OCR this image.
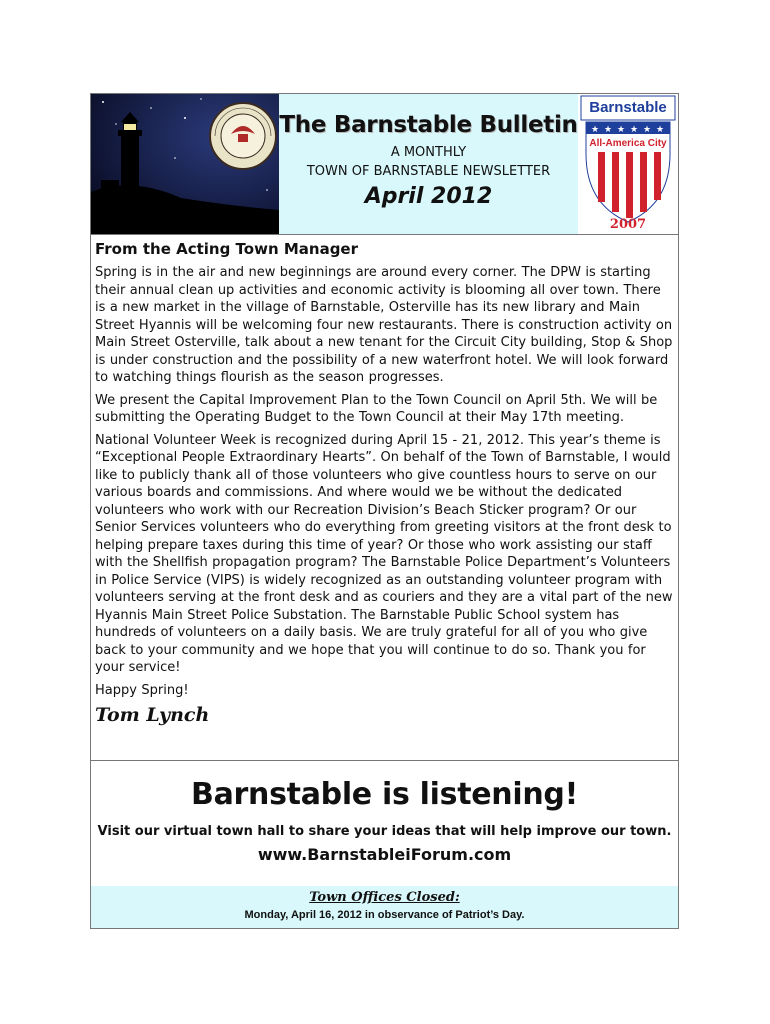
The Barnstable Bulletin
A MONTHLY
TOWN OF BARNSTABLE NEWSLETTER
April 2012
Barnstable
★ ★ ★ ★ ★ ★
All-America City
2007
From the Acting Town Manager

Spring is in the air and new beginnings are around every corner. The DPW is starting their annual clean up activities and economic activity is blooming all over town. There is a new market in the village of Barnstable, Osterville has its new library and Main Street Hyannis will be welcoming four new restaurants. There is construction activity on Main Street Osterville, talk about a new tenant for the Circuit City building, Stop & Shop is under construction and the possibility of a new waterfront hotel. We will look forward to watching things flourish as the season progresses.

We present the Capital Improvement Plan to the Town Council on April 5th. We will be submitting the Operating Budget to the Town Council at their May 17th meeting.

National Volunteer Week is recognized during April 15 - 21, 2012. This year’s theme is “Exceptional People Extraordinary Hearts”. On behalf of the Town of Barnstable, I would like to publicly thank all of those volunteers who give countless hours to serve on our various boards and commissions. And where would we be without the dedicated volunteers who work with our Recreation Division’s Beach Sticker program? Or our Senior Services volunteers who do everything from greeting visitors at the front desk to helping prepare taxes during this time of year? Or those who work assisting our staff with the Shellfish propagation program? The Barnstable Police Department’s Volunteers in Police Service (VIPS) is widely recognized as an outstanding volunteer program with volunteers serving at the front desk and as couriers and they are a vital part of the new Hyannis Main Street Police Substation. The Barnstable Public School system has hundreds of volunteers on a daily basis. We are truly grateful for all of you who give back to your community and we hope that you will continue to do so. Thank you for your service!

Happy Spring!

Tom Lynch
Barnstable is listening!
Visit our virtual town hall to share your ideas that will help improve our town.
www.BarnstableiForum.com
Town Offices Closed:
Monday, April 16, 2012 in observance of Patriot’s Day.
